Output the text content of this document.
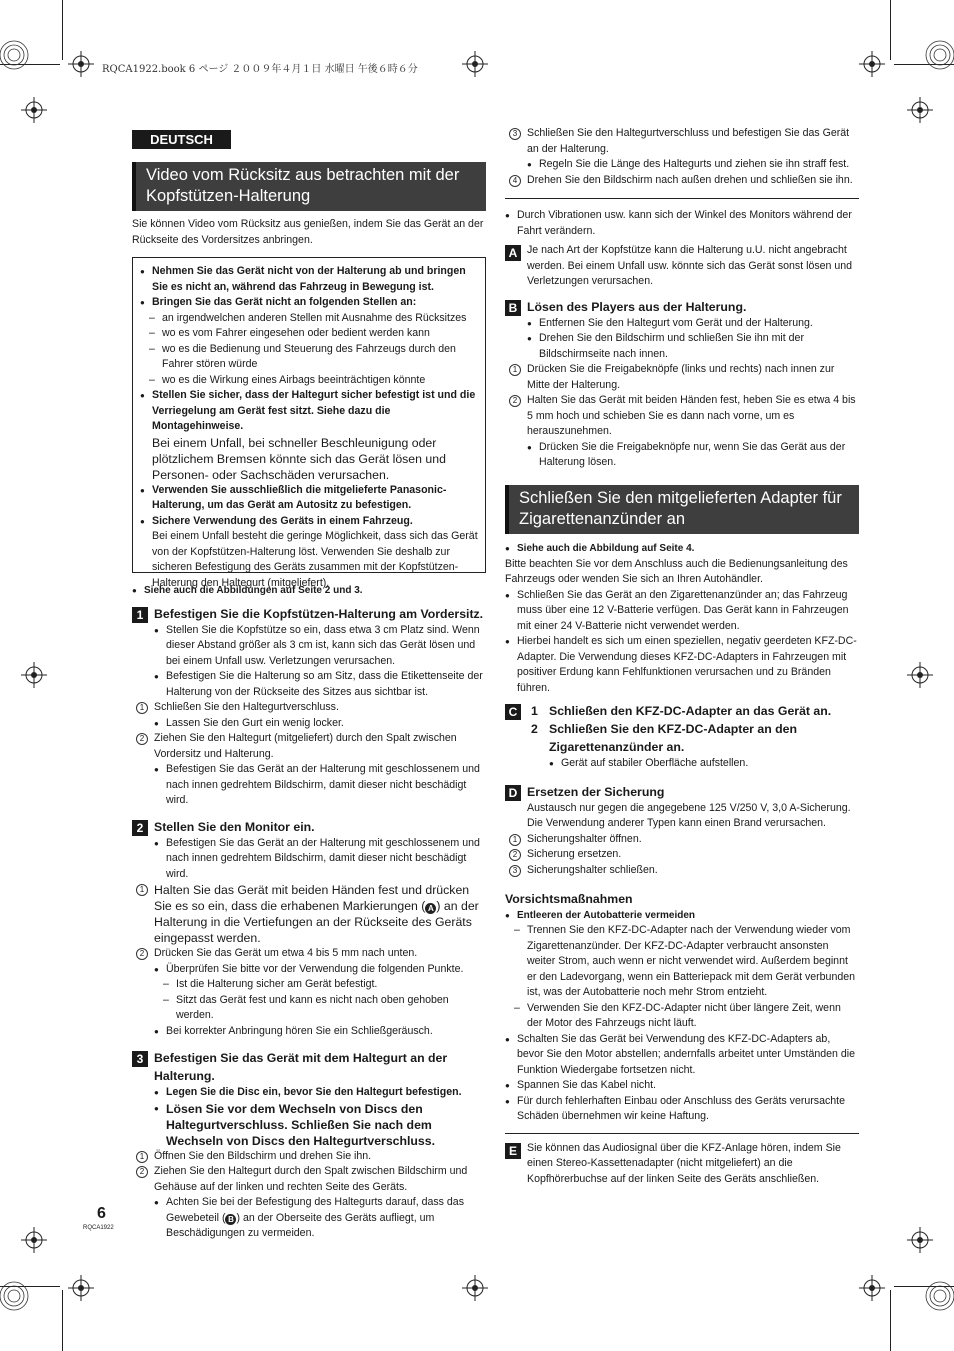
RQCA1922.book 6 ページ ２００９年４月１日 水曜日 午後６時６分
DEUTSCH
Video vom Rücksitz aus betrachten mit der Kopfstützen-Halterung

Sie können Video vom Rücksitz aus genießen, indem Sie das Gerät an der Rückseite des Vordersitzes anbringen.

● Nehmen Sie das Gerät nicht von der Halterung ab und bringen Sie es nicht an, während das Fahrzeug in Bewegung ist.

● Bringen Sie das Gerät nicht an folgenden Stellen an:

– an irgendwelchen anderen Stellen mit Ausnahme des Rücksitzes

– wo es vom Fahrer eingesehen oder bedient werden kann

– wo es die Bedienung und Steuerung des Fahrzeugs durch den Fahrer stören würde

– wo es die Wirkung eines Airbags beeinträchtigen könnte

● Stellen Sie sicher, dass der Haltegurt sicher befestigt ist und die Verriegelung am Gerät fest sitzt. Siehe dazu die Montagehinweise.

Bei einem Unfall, bei schneller Beschleunigung oder plötzlichem Bremsen könnte sich das Gerät lösen und Personen- oder Sachschäden verursachen.

● Verwenden Sie ausschließlich die mitgelieferte Panasonic-Halterung, um das Gerät am Autositz zu befestigen.

● Sichere Verwendung des Geräts in einem Fahrzeug.

Bei einem Unfall besteht die geringe Möglichkeit, dass sich das Gerät von der Kopfstützen-Halterung löst. Verwenden Sie deshalb zur sicheren Befestigung des Geräts zusammen mit der Kopfstützen-Halterung den Haltegurt (mitgeliefert).

● Siehe auch die Abbildungen auf Seite 2 und 3.

1 Befestigen Sie die Kopfstützen-Halterung am Vordersitz.

● Stellen Sie die Kopfstütze so ein, dass etwa 3 cm Platz sind. Wenn dieser Abstand größer als 3 cm ist, kann sich das Gerät lösen und bei einem Unfall usw. Verletzungen verursachen.

● Befestigen Sie die Halterung so am Sitz, dass die Etikettenseite der Halterung von der Rückseite des Sitzes aus sichtbar ist.

1 Schließen Sie den Haltegurtverschluss.

● Lassen Sie den Gurt ein wenig locker.

2 Ziehen Sie den Haltegurt (mitgeliefert) durch den Spalt zwischen Vordersitz und Halterung.

● Befestigen Sie das Gerät an der Halterung mit geschlossenem und nach innen gedrehtem Bildschirm, damit dieser nicht beschädigt wird.

2 Stellen Sie den Monitor ein.

● Befestigen Sie das Gerät an der Halterung mit geschlossenem und nach innen gedrehtem Bildschirm, damit dieser nicht beschädigt wird.

1 Halten Sie das Gerät mit beiden Händen fest und drücken Sie es so ein, dass die erhabenen Markierungen ( A ) an der Halterung in die Vertiefungen an der Rückseite des Geräts eingepasst werden.

2 Drücken Sie das Gerät um etwa 4 bis 5 mm nach unten.

● Überprüfen Sie bitte vor der Verwendung die folgenden Punkte.

– Ist die Halterung sicher am Gerät befestigt.

– Sitzt das Gerät fest und kann es nicht nach oben gehoben werden.

● Bei korrekter Anbringung hören Sie ein Schließgeräusch.

3 Befestigen Sie das Gerät mit dem Haltegurt an der Halterung.

● Legen Sie die Disc ein, bevor Sie den Haltegurt befestigen.

● Lösen Sie vor dem Wechseln von Discs den Haltegurtverschluss. Schließen Sie nach dem Wechseln von Discs den Haltegurtverschluss.

1 Öffnen Sie den Bildschirm und drehen Sie ihn.

2 Ziehen Sie den Haltegurt durch den Spalt zwischen Bildschirm und Gehäuse auf der linken und rechten Seite des Geräts.

● Achten Sie bei der Befestigung des Haltegurts darauf, dass das Gewebeteil ( B ) an der Oberseite des Geräts aufliegt, um Beschädigungen zu vermeiden.

6
RQCA1922

3 Schließen Sie den Haltegurtverschluss und befestigen Sie das Gerät an der Halterung.

● Regeln Sie die Länge des Haltegurts und ziehen sie ihn straff fest.

4 Drehen Sie den Bildschirm nach außen drehen und schließen sie ihn.

● Durch Vibrationen usw. kann sich der Winkel des Monitors während der Fahrt verändern.

A Je nach Art der Kopfstütze kann die Halterung u.U. nicht angebracht werden. Bei einem Unfall usw. könnte sich das Gerät sonst lösen und Verletzungen verursachen.
B Lösen des Players aus der Halterung.

● Entfernen Sie den Haltegurt vom Gerät und der Halterung.

● Drehen Sie den Bildschirm und schließen Sie ihn mit der Bildschirmseite nach innen.

1 Drücken Sie die Freigabeknöpfe (links und rechts) nach innen zur Mitte der Halterung.

2 Halten Sie das Gerät mit beiden Händen fest, heben Sie es etwa 4 bis 5 mm hoch und schieben Sie es dann nach vorne, um es herauszunehmen.

● Drücken Sie die Freigabeknöpfe nur, wenn Sie das Gerät aus der Halterung lösen.

Schließen Sie den mitgelieferten Adapter für Zigarettenanzünder an

● Siehe auch die Abbildung auf Seite 4.

Bitte beachten Sie vor dem Anschluss auch die Bedienungsanleitung des Fahrzeugs oder wenden Sie sich an Ihren Autohändler.

● Schließen Sie das Gerät an den Zigarettenanzünder an; das Fahrzeug muss über eine 12 V-Batterie verfügen. Das Gerät kann in Fahrzeugen mit einer 24 V-Batterie nicht verwendet werden.

● Hierbei handelt es sich um einen speziellen, negativ geerdeten KFZ-DC-Adapter. Die Verwendung dieses KFZ-DC-Adapters in Fahrzeugen mit positiver Erdung kann Fehlfunktionen verursachen und zu Bränden führen.

C 1 Schließen den KFZ-DC-Adapter an das Gerät an.
2 Schließen Sie den KFZ-DC-Adapter an den Zigarettenanzünder an.

● Gerät auf stabiler Oberfläche aufstellen.

D Ersetzen der Sicherung

Austausch nur gegen die angegebene 125 V/250 V, 3,0 A-Sicherung. Die Verwendung anderer Typen kann einen Brand verursachen.

1 Sicherungshalter öffnen.

2 Sicherung ersetzen.

3 Sicherungshalter schließen.

Vorsichtsmaßnahmen

● Entleeren der Autobatterie vermeiden

– Trennen Sie den KFZ-DC-Adapter nach der Verwendung wieder vom Zigarettenanzünder. Der KFZ-DC-Adapter verbraucht ansonsten weiter Strom, auch wenn er nicht verwendet wird. Außerdem beginnt er den Ladevorgang, wenn ein Batteriepack mit dem Gerät verbunden ist, was der Autobatterie noch mehr Strom entzieht.

– Verwenden Sie den KFZ-DC-Adapter nicht über längere Zeit, wenn der Motor des Fahrzeugs nicht läuft.

● Schalten Sie das Gerät bei Verwendung des KFZ-DC-Adapters ab, bevor Sie den Motor abstellen; andernfalls arbeitet unter Umständen die Funktion Wiedergabe fortsetzen nicht.

● Spannen Sie das Kabel nicht.

● Für durch fehlerhaften Einbau oder Anschluss des Geräts verursachte Schäden übernehmen wir keine Haftung.

E Sie können das Audiosignal über die KFZ-Anlage hören, indem Sie einen Stereo-Kassettenadapter (nicht mitgeliefert) an die Kopfhörerbuchse auf der linken Seite des Geräts anschließen.
